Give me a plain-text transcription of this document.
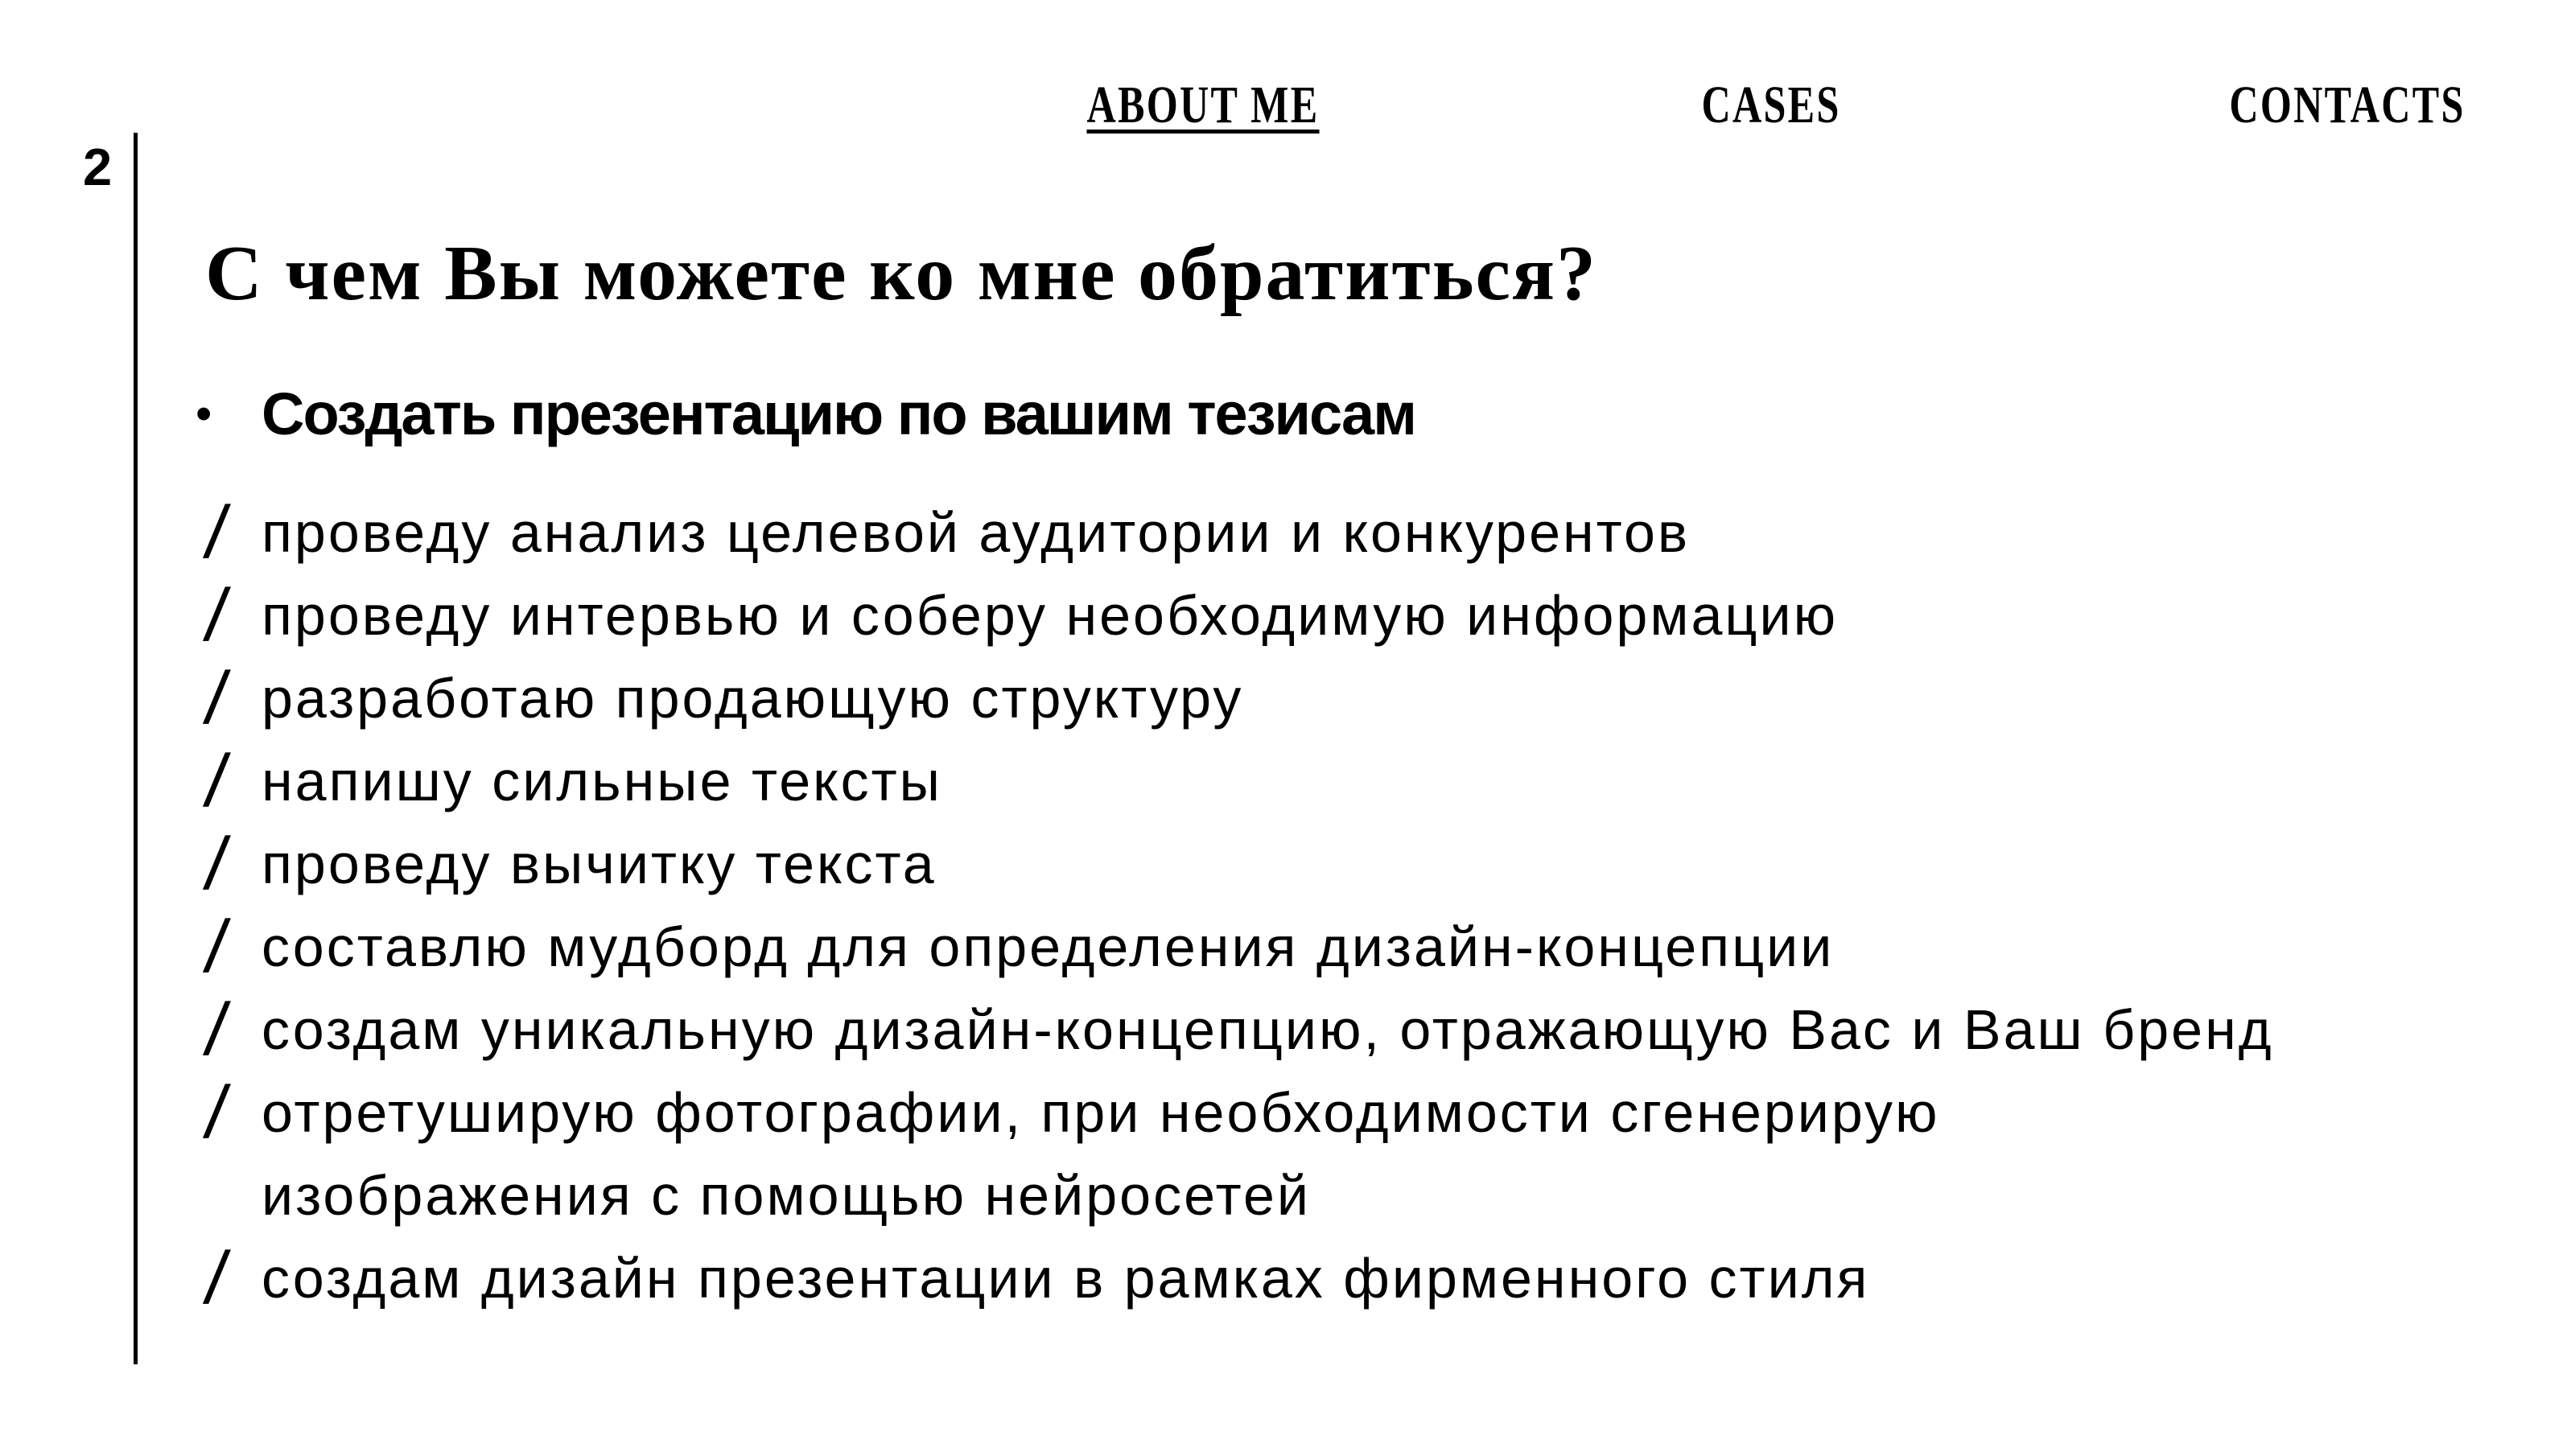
ABOUT ME	CASES	CONTACTS
2
С чем Вы можете ко мне обратиться?
• Создать презентацию по вашим тезисам
/ проведу анализ целевой аудитории и конкурентов
/ проведу интервью и соберу необходимую информацию
/ разработаю продающую структуру
/ напишу сильные тексты
/ проведу вычитку текста
/ составлю мудборд для определения дизайн-концепции
/ создам уникальную дизайн-концепцию, отражающую Вас и Ваш бренд
/ отретуширую фотографии, при необходимости сгенерирую
изображения с помощью нейросетей
/ создам дизайн презентации в рамках фирменного стиля
